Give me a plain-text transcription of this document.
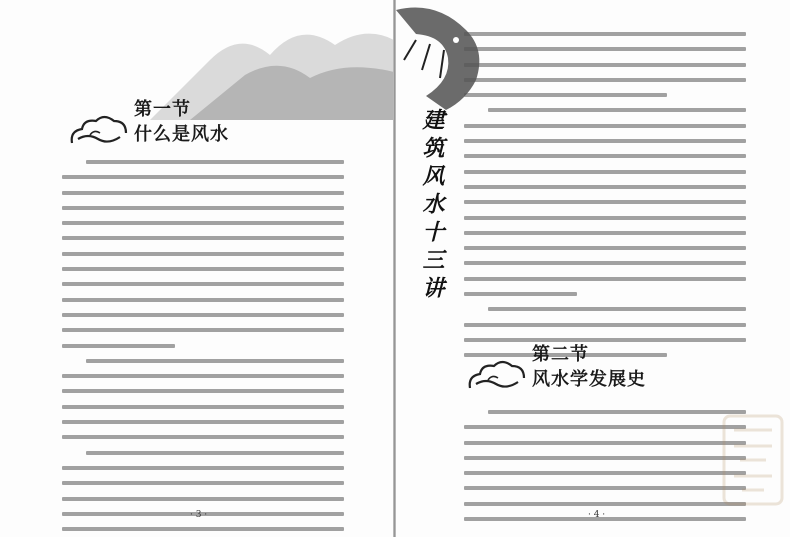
第一节
什么是风水
· 3 ·
建筑风水十三讲
第二节
风水学发展史
· 4 ·
